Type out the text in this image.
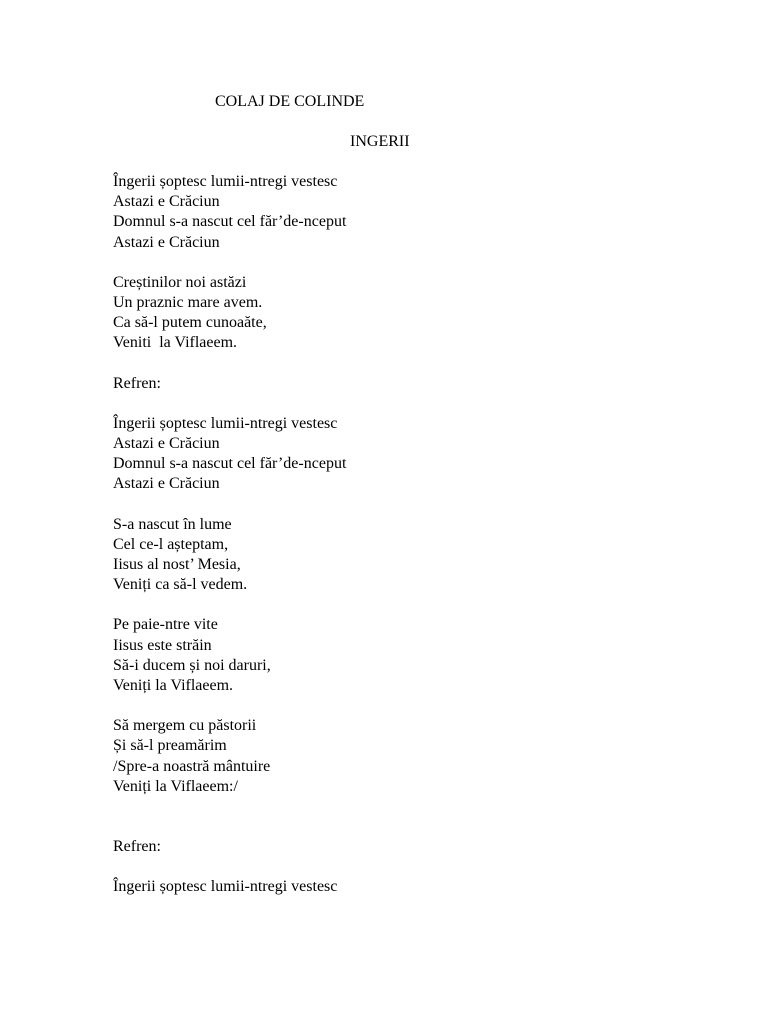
COLAJ DE COLINDE
INGERII
Îngerii șoptesc lumii-ntregi vestesc
Astazi e Crăciun
Domnul s-a nascut cel făr’de-nceput
Astazi e Crăciun
Creștinilor noi astăzi
Un praznic mare avem.
Ca să-l putem cunoaăte,
Veniti  la Viflaeem.
Refren:
Îngerii șoptesc lumii-ntregi vestesc
Astazi e Crăciun
Domnul s-a nascut cel făr’de-nceput
Astazi e Crăciun
S-a nascut în lume
Cel ce-l așteptam,
Iisus al nost’ Mesia,
Veniți ca să-l vedem.
Pe paie-ntre vite
Iisus este străin
Să-i ducem și noi daruri,
Veniți la Viflaeem.
Să mergem cu păstorii
Și să-l preamărim
/Spre-a noastră mântuire
Veniți la Viflaeem:/
Refren:
Îngerii șoptesc lumii-ntregi vestesc
